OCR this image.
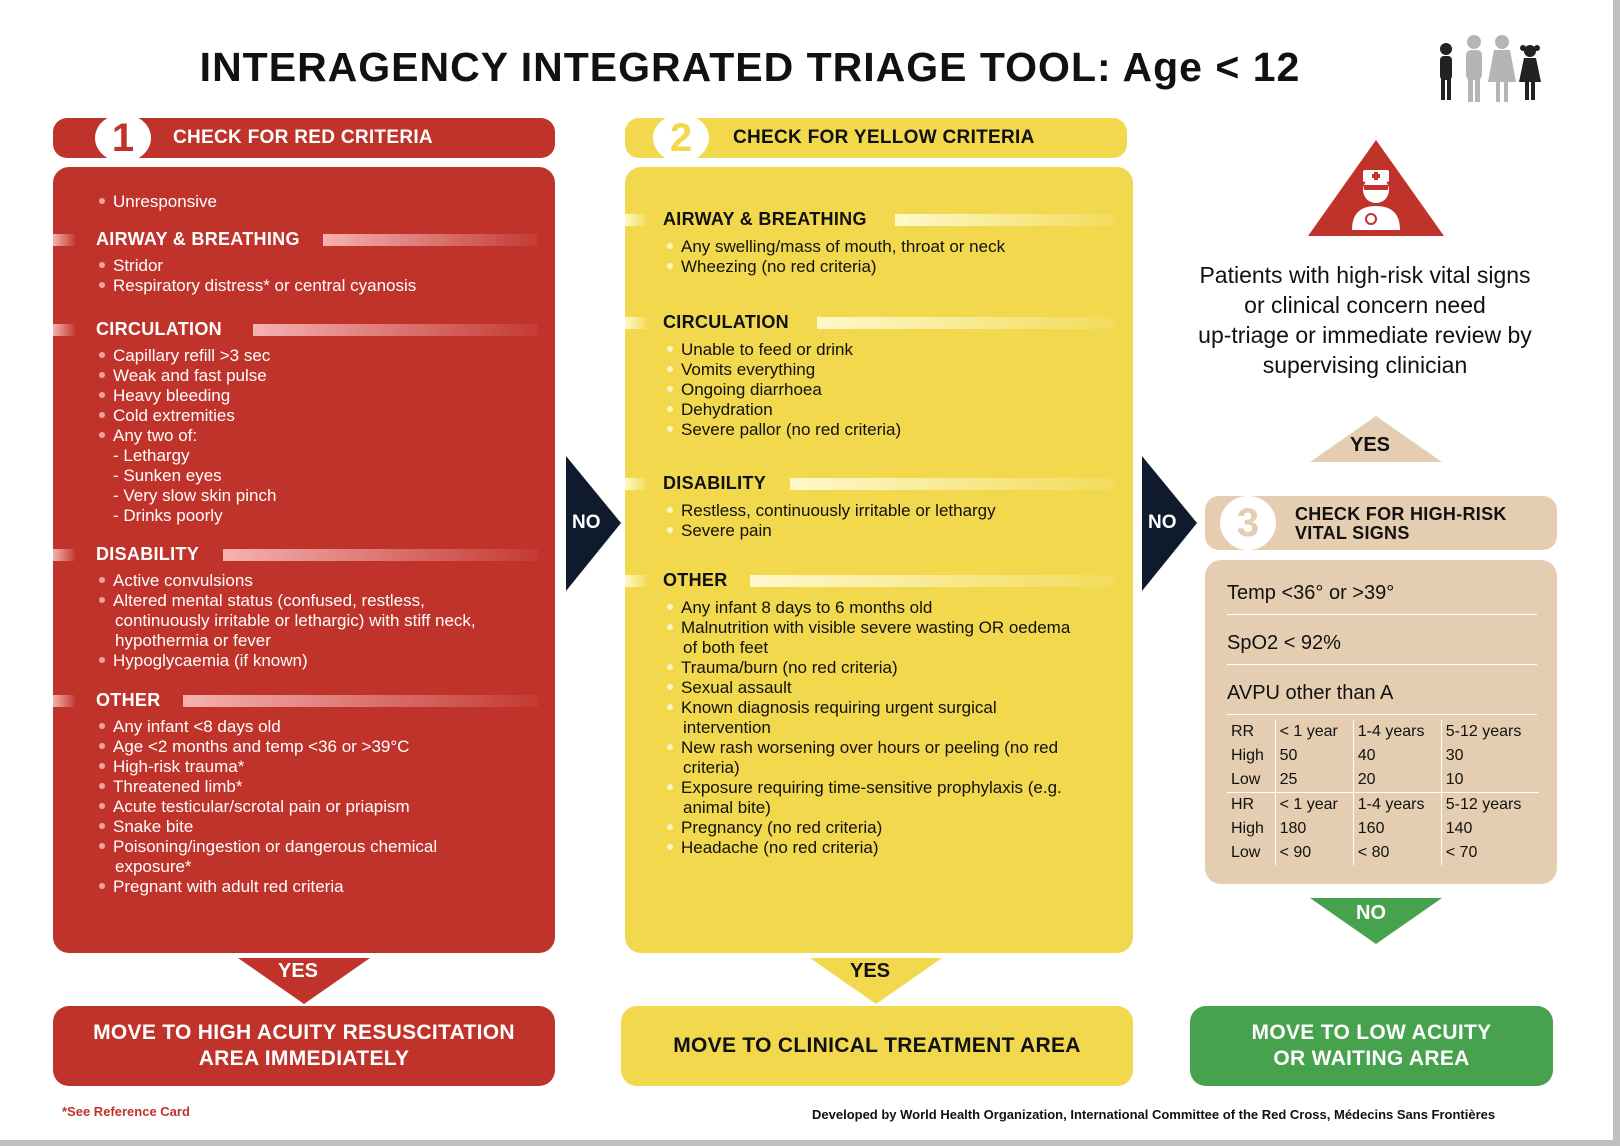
INTERAGENCY INTEGRATED TRIAGE TOOL: Age < 12
1	CHECK FOR RED CRITERIA
Unresponsive
AIRWAY & BREATHING
Stridor
Respiratory distress* or central cyanosis
CIRCULATION
Capillary refill >3 sec
Weak and fast pulse
Heavy bleeding
Cold extremities
Any two of:
- Lethargy
- Sunken eyes
- Very slow skin pinch
- Drinks poorly
DISABILITY
Active convulsions
Altered mental status (confused, restless,
continuously irritable or lethargic) with stiff neck,
hypothermia or fever
Hypoglycaemia (if known)
OTHER
Any infant <8 days old
Age <2 months and temp <36 or >39°C
High-risk trauma*
Threatened limb*
Acute testicular/scrotal pain or priapism
Snake bite
Poisoning/ingestion or dangerous chemical
exposure*
Pregnant with adult red criteria
NO
2	CHECK FOR YELLOW CRITERIA
AIRWAY & BREATHING
Any swelling/mass of mouth, throat or neck
Wheezing (no red criteria)
CIRCULATION
Unable to feed or drink
Vomits everything
Ongoing diarrhoea
Dehydration
Severe pallor (no red criteria)
DISABILITY
Restless, continuously irritable or lethargy
Severe pain
OTHER
Any infant 8 days to 6 months old
Malnutrition with visible severe wasting OR oedema
of both feet
Trauma/burn (no red criteria)
Sexual assault
Known diagnosis requiring urgent surgical
intervention
New rash worsening over hours or peeling (no red
criteria)
Exposure requiring time-sensitive prophylaxis (e.g.
animal bite)
Pregnancy (no red criteria)
Headache (no red criteria)
NO
Patients with high-risk vital signs
or clinical concern need
up-triage or immediate review by
supervising clinician
YES
3	CHECK FOR HIGH-RISK
VITAL SIGNS
Temp <36° or >39°
SpO2 < 92%
AVPU other than A
RR	< 1 year	1-4 years	5-12 years
High	50	40	30
Low	25	20	10
HR	< 1 year	1-4 years	5-12 years
High	180	160	140
Low	< 90	< 80	< 70
YES	YES
NO
MOVE TO HIGH ACUITY RESUSCITATION
AREA IMMEDIATELY
MOVE TO CLINICAL TREATMENT AREA
MOVE TO LOW ACUITY
OR WAITING AREA
*See Reference Card	Developed by World Health Organization, International Committee of the Red Cross, Médecins Sans Frontières
